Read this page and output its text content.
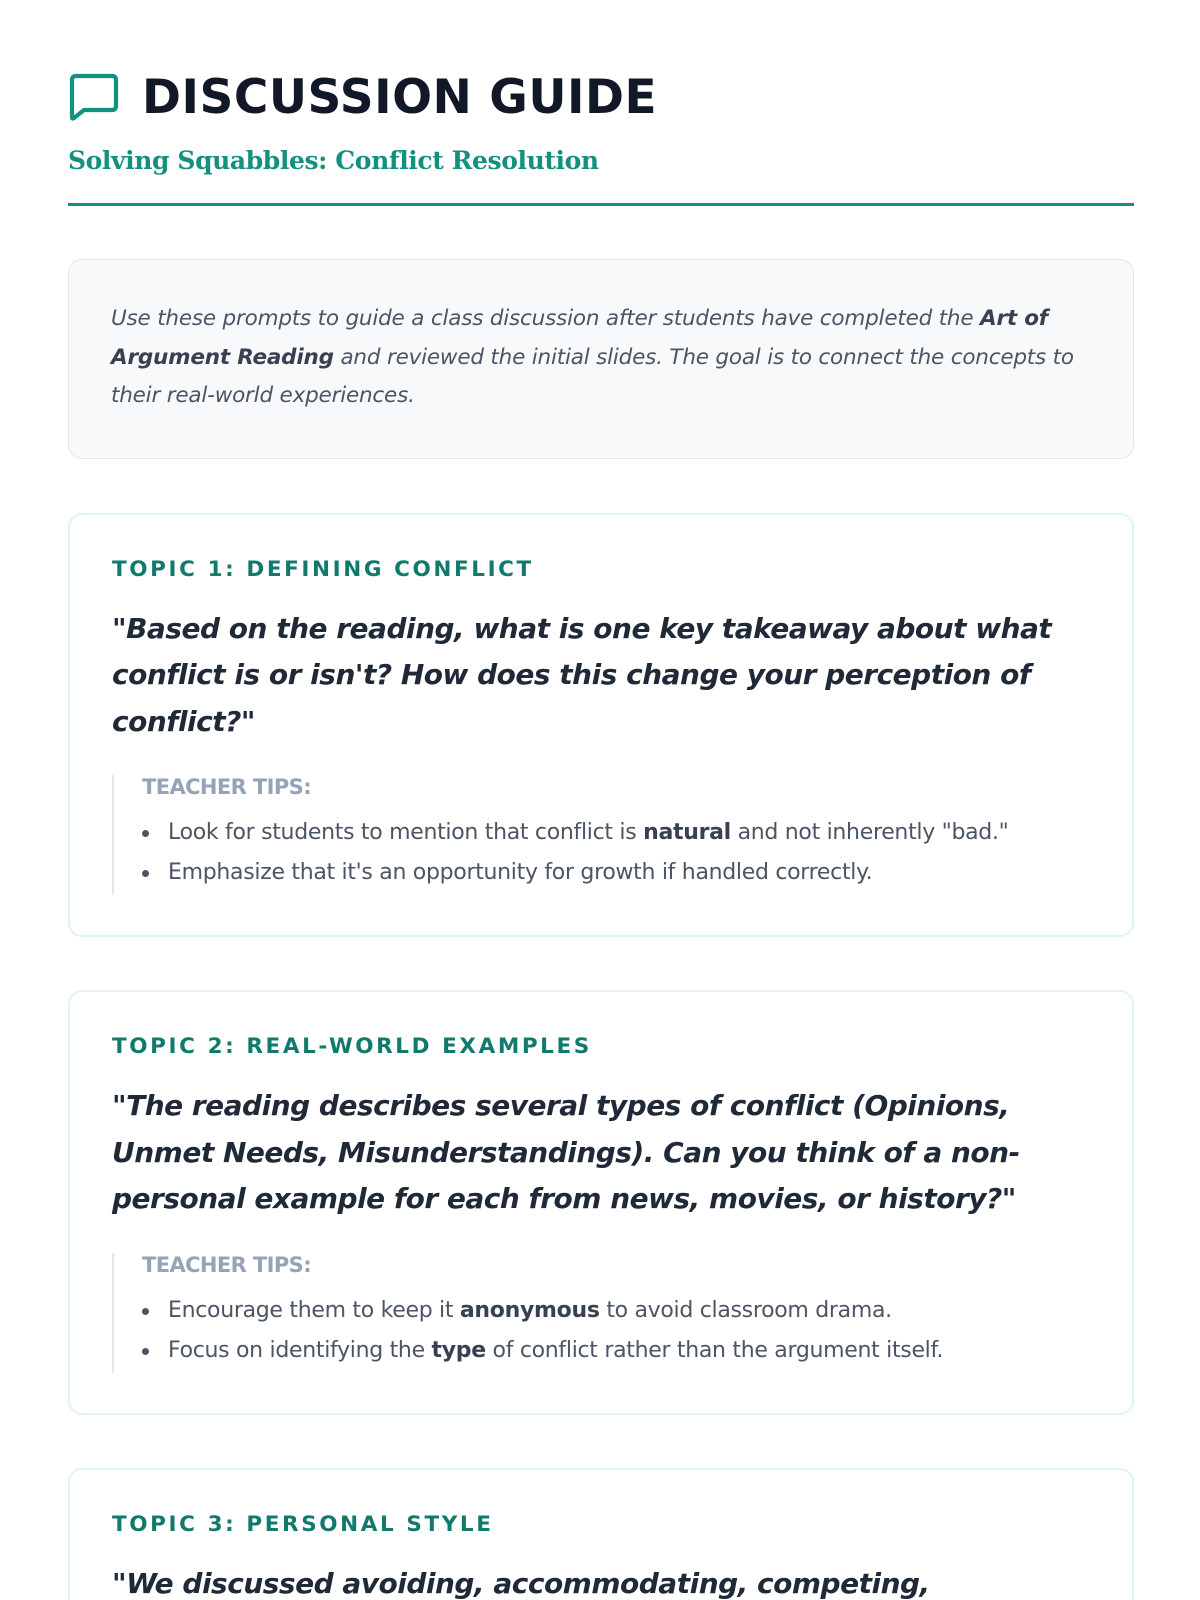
DISCUSSION GUIDE
Solving Squabbles: Conflict Resolution

Use these prompts to guide a class discussion after students have completed the Art of Argument Reading and reviewed the initial slides. The goal is to connect the concepts to their real-world experiences.

TOPIC 1: DEFINING CONFLICT
"Based on the reading, what is one key takeaway about what conflict is or isn't? How does this change your perception of conflict?"
TEACHER TIPS:
Look for students to mention that conflict is natural and not inherently "bad."
Emphasize that it's an opportunity for growth if handled correctly.
TOPIC 2: REAL-WORLD EXAMPLES
"The reading describes several types of conflict (Opinions, Unmet Needs, Misunderstandings). Can you think of a non-personal example for each from news, movies, or history?"
TEACHER TIPS:
Encourage them to keep it anonymous to avoid classroom drama.
Focus on identifying the type of conflict rather than the argument itself.
TOPIC 3: PERSONAL STYLE
"We discussed avoiding, accommodating, competing,
